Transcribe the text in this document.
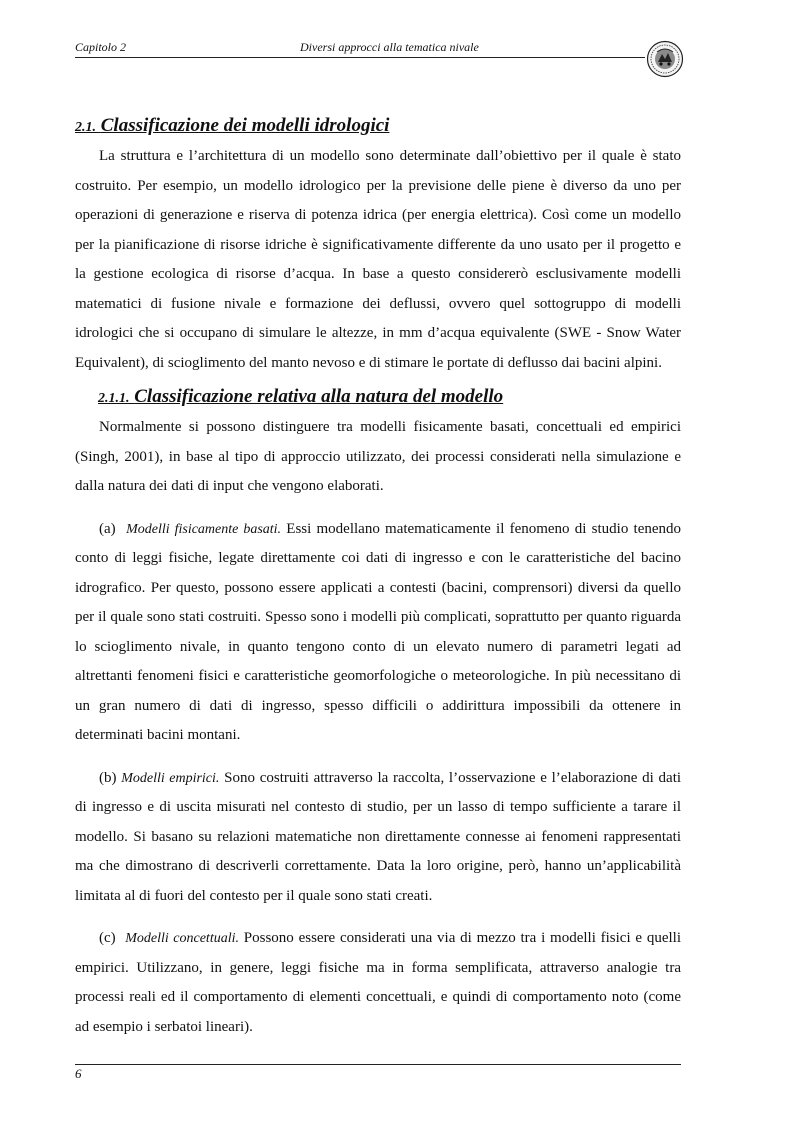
Capitolo 2	Diversi approcci alla tematica nivale
2.1. Classificazione dei modelli idrologici

La struttura e l’architettura di un modello sono determinate dall’obiettivo per il quale è stato costruito. Per esempio, un modello idrologico per la previsione delle piene è diverso da uno per operazioni di generazione e riserva di potenza idrica (per energia elettrica). Così come un modello per la pianificazione di risorse idriche è significativamente differente da uno usato per il progetto e la gestione ecologica di risorse d’acqua. In base a questo considererò esclusivamente modelli matematici di fusione nivale e formazione dei deflussi, ovvero quel sottogruppo di modelli idrologici che si occupano di simulare le altezze, in mm d’acqua equivalente (SWE - Snow Water Equivalent), di scioglimento del manto nevoso e di stimare le portate di deflusso dai bacini alpini.

2.1.1. Classificazione relativa alla natura del modello

Normalmente si possono distinguere tra modelli fisicamente basati, concettuali ed empirici (Singh, 2001), in base al tipo di approccio utilizzato, dei processi considerati nella simulazione e dalla natura dei dati di input che vengono elaborati.

(a) Modelli fisicamente basati. Essi modellano matematicamente il fenomeno di studio tenendo conto di leggi fisiche, legate direttamente coi dati di ingresso e con le caratteristiche del bacino idrografico. Per questo, possono essere applicati a contesti (bacini, comprensori) diversi da quello per il quale sono stati costruiti. Spesso sono i modelli più complicati, soprattutto per quanto riguarda lo scioglimento nivale, in quanto tengono conto di un elevato numero di parametri legati ad altrettanti fenomeni fisici e caratteristiche geomorfologiche o meteorologiche. In più necessitano di un gran numero di dati di ingresso, spesso difficili o addirittura impossibili da ottenere in determinati bacini montani.

(b) Modelli empirici. Sono costruiti attraverso la raccolta, l’osservazione e l’elaborazione di dati di ingresso e di uscita misurati nel contesto di studio, per un lasso di tempo sufficiente a tarare il modello. Si basano su relazioni matematiche non direttamente connesse ai fenomeni rappresentati ma che dimostrano di descriverli correttamente. Data la loro origine, però, hanno un’applicabilità limitata al di fuori del contesto per il quale sono stati creati.

(c) Modelli concettuali. Possono essere considerati una via di mezzo tra i modelli fisici e quelli empirici. Utilizzano, in genere, leggi fisiche ma in forma semplificata, attraverso analogie tra processi reali ed il comportamento di elementi concettuali, e quindi di comportamento noto (come ad esempio i serbatoi lineari).

6
